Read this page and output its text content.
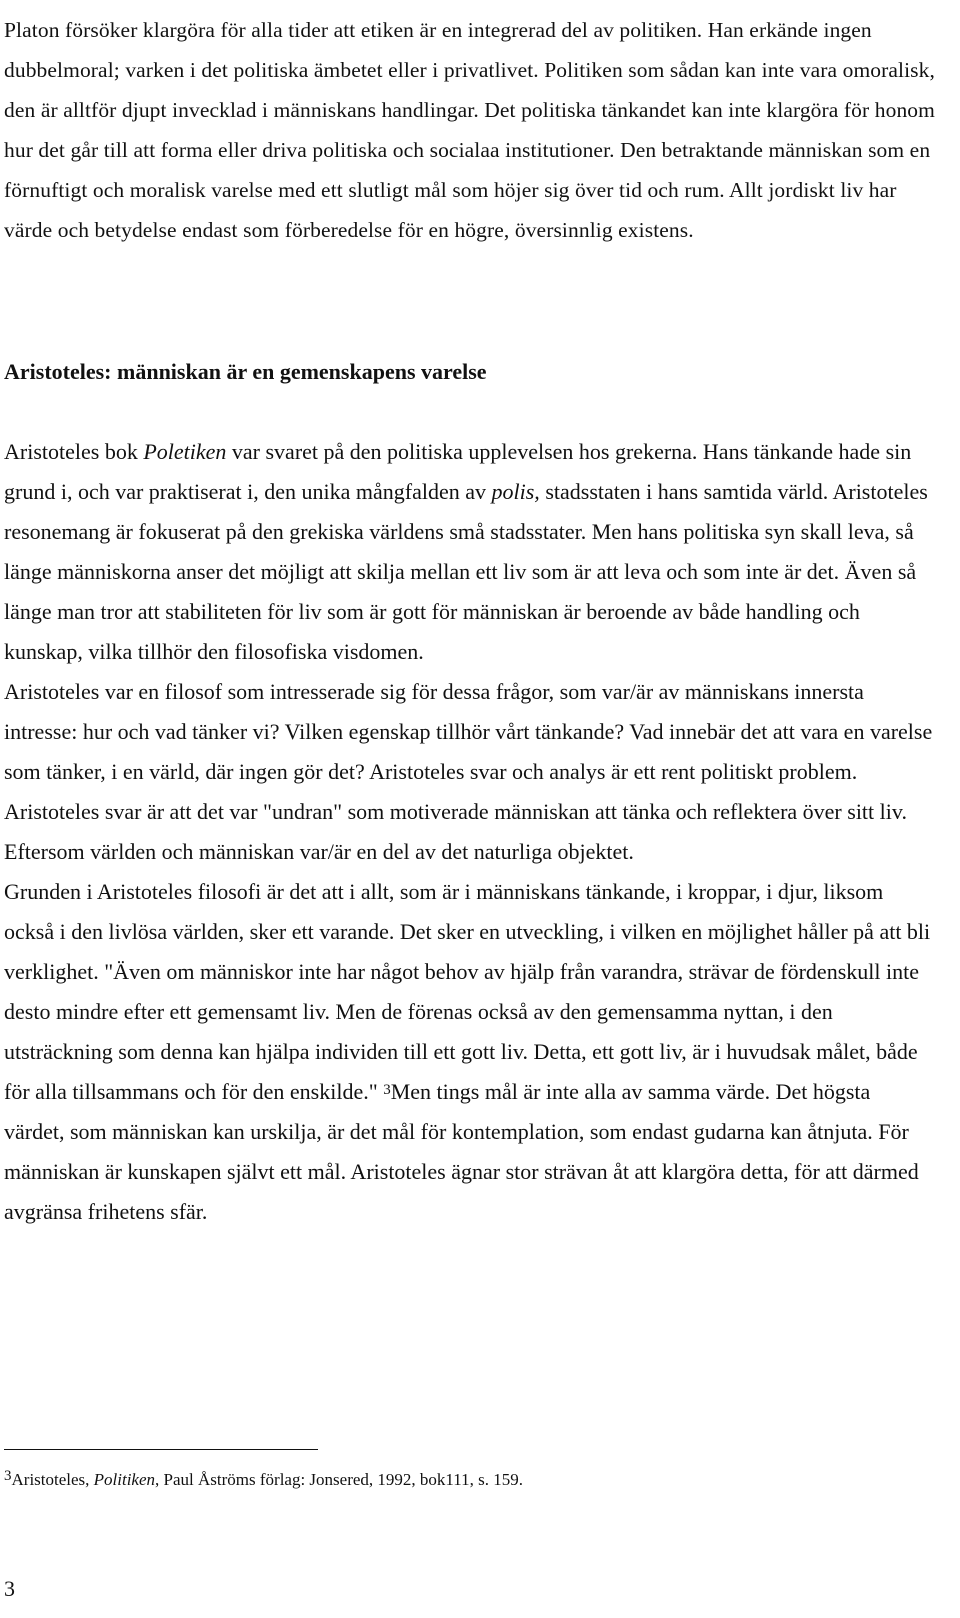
Platon försöker klargöra för alla tider att etiken är en integrerad del av politiken. Han erkände ingen dubbelmoral; varken i det politiska ämbetet eller i privatlivet. Politiken som sådan kan inte vara omoralisk, den är alltför djupt invecklad i människans handlingar. Det politiska tänkandet kan inte klargöra för honom hur det går till att forma eller driva politiska och socialaa institutioner. Den betraktande människan som en förnuftigt och moralisk varelse med ett slutligt mål som höjer sig över tid och rum. Allt jordiskt liv har värde och betydelse endast som förberedelse för en högre, översinnlig existens.

Aristoteles: människan är en gemenskapens varelse

Aristoteles bok Poletiken var svaret på den politiska upplevelsen hos grekerna. Hans tänkande hade sin grund i, och var praktiserat i, den unika mångfalden av polis, stadsstaten i hans samtida värld. Aristoteles resonemang är fokuserat på den grekiska världens små stadsstater. Men hans politiska syn skall leva, så länge människorna anser det möjligt att skilja mellan ett liv som är att leva och som inte är det. Även så länge man tror att stabiliteten för liv som är gott för människan är beroende av både handling och kunskap, vilka tillhör den filosofiska visdomen.

Aristoteles var en filosof som intresserade sig för dessa frågor, som var/är av människans innersta intresse: hur och vad tänker vi? Vilken egenskap tillhör vårt tänkande? Vad innebär det att vara en varelse som tänker, i en värld, där ingen gör det? Aristoteles svar och analys är ett rent politiskt problem.

Aristoteles svar är att det var "undran" som motiverade människan att tänka och reflektera över sitt liv. Eftersom världen och människan var/är en del av det naturliga objektet.

Grunden i Aristoteles filosofi är det att i allt, som är i människans tänkande, i kroppar, i djur, liksom också i den livlösa världen, sker ett varande. Det sker en utveckling, i vilken en möjlighet håller på att bli verklighet. "Även om människor inte har något behov av hjälp från varandra, strävar de fördenskull inte desto mindre efter ett gemensamt liv. Men de förenas också av den gemensamma nyttan, i den utsträckning som denna kan hjälpa individen till ett gott liv. Detta, ett gott liv, är i huvudsak målet, både för alla tillsammans och för den enskilde." $^3$Men tings mål är inte alla av samma värde. Det högsta värdet, som människan kan urskilja, är det mål för kontemplation, som endast gudarna kan åtnjuta. För människan är kunskapen självt ett mål. Aristoteles ägnar stor strävan åt att klargöra detta, för att därmed avgränsa frihetens sfär.

$^3$Aristoteles, Politiken, Paul Åströms förlag: Jonsered, 1992, bok111, s. 159.
3
